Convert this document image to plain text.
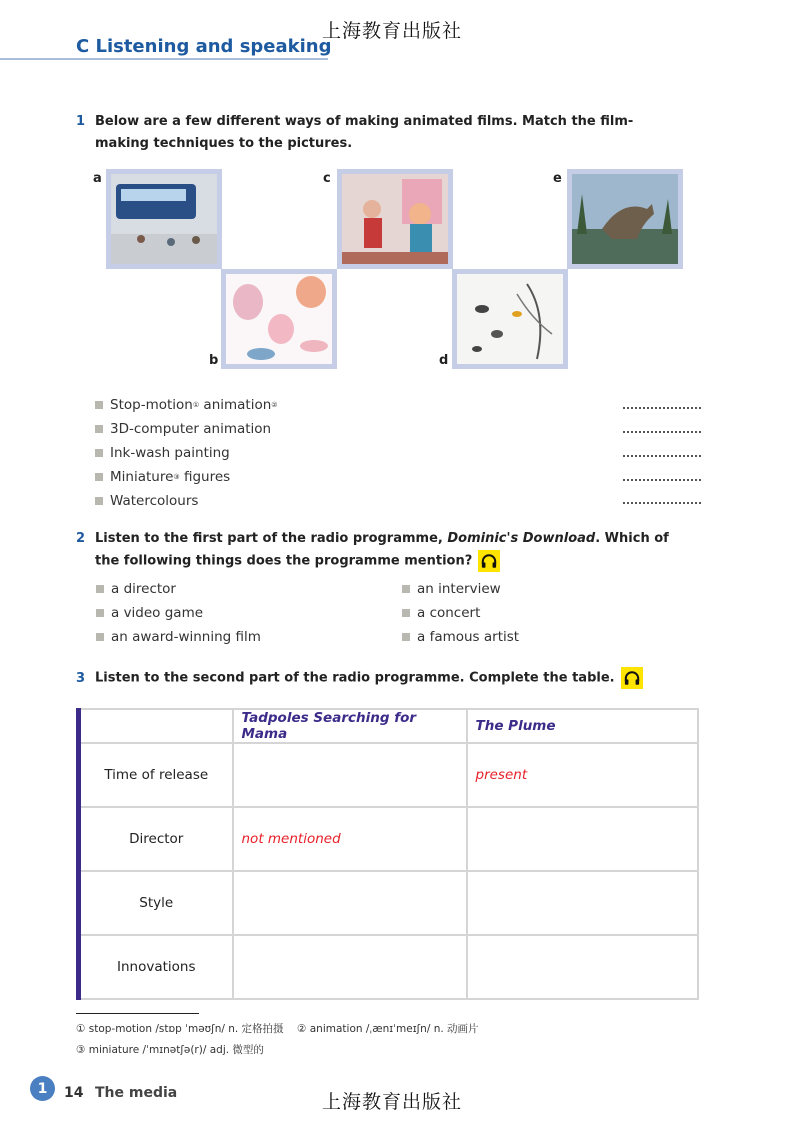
上海教育出版社
C Listening and speaking
1 Below are a few different ways of making animated films. Match the film-making techniques to the pictures.
a
b
c
d
e
Stop-motion ①
animation ②
3D-computer animation
Ink-wash painting
Miniature ③
figures
Watercolours
2 Listen to the first part of the radio programme, Dominic's Download. Which of the following things does the programme mention?
a director
a video game
an award-winning film
an interview
a concert
a famous artist
3 Listen to the second part of the radio programme. Complete the table.
	Tadpoles Searching for Mama	The Plume
Time of release		present
Director	not mentioned	
Style		
Innovations		
① stop-motion /stɒp ˈməʊʃn/ n. 定格拍摄 ② animation /ˌænɪˈmeɪʃn/ n. 动画片
③ miniature /ˈmɪnətʃə(r)/ adj. 微型的
1	14 The media	上海教育出版社
